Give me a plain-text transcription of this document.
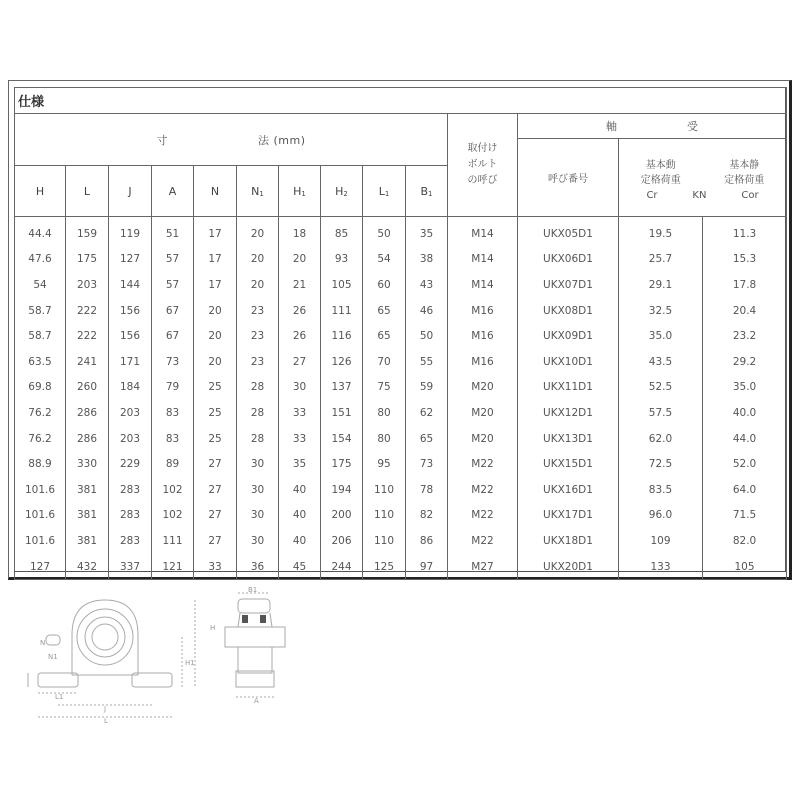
仕様													
寸 法 (mm)										取付け
ボルト
の呼び	軸 受		
呼び番号	
基本動	基本静
定格荷重	定格荷重
Cr	KN	Cor

H	L	J	A	N	N1	H1	H2	L1	B1				
44.4	159	119	51	17	20	18	85	50	35	M14	UKX05D1	19.5	11.3
47.6	175	127	57	17	20	20	93	54	38	M14	UKX06D1	25.7	15.3
54	203	144	57	17	20	21	105	60	43	M14	UKX07D1	29.1	17.8
58.7	222	156	67	20	23	26	111	65	46	M16	UKX08D1	32.5	20.4
58.7	222	156	67	20	23	26	116	65	50	M16	UKX09D1	35.0	23.2
63.5	241	171	73	20	23	27	126	70	55	M16	UKX10D1	43.5	29.2
69.8	260	184	79	25	28	30	137	75	59	M20	UKX11D1	52.5	35.0
76.2	286	203	83	25	28	33	151	80	62	M20	UKX12D1	57.5	40.0
76.2	286	203	83	25	28	33	154	80	65	M20	UKX13D1	62.0	44.0
88.9	330	229	89	27	30	35	175	95	73	M22	UKX15D1	72.5	52.0
101.6	381	283	102	27	30	40	194	110	78	M22	UKX16D1	83.5	64.0
101.6	381	283	102	27	30	40	200	110	82	M22	UKX17D1	96.0	71.5
101.6	381	283	111	27	30	40	206	110	86	M22	UKX18D1	109	82.0
127	432	337	121	33	36	45	244	125	97	M27	UKX20D1	133	105
H
H1
N
N1
L1
J
L
B1
A
